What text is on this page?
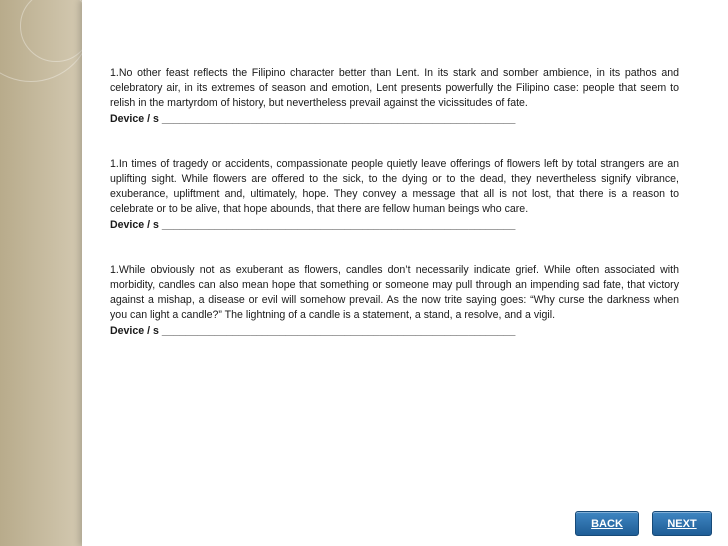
1.No other feast reflects the Filipino character better than Lent. In its stark and somber ambience, in its pathos and celebratory air, in its extremes of season and emotion, Lent presents powerfully the Filipino case: people that seem to relish in the martyrdom of history, but nevertheless prevail against the vicissitudes of fate.

Device / s ____________________________________________________________

1.In times of tragedy or accidents, compassionate people quietly leave offerings of flowers left by total strangers are an uplifting sight. While flowers are offered to the sick, to the dying or to the dead, they nevertheless signify vibrance, exuberance, upliftment and, ultimately, hope. They convey a message that all is not lost, that there is a reason to celebrate or to be alive, that hope abounds, that there are fellow human beings who care.

Device / s ____________________________________________________________

1.While obviously not as exuberant as flowers, candles don’t necessarily indicate grief. While often associated with morbidity, candles can also mean hope that something or someone may pull through an impending sad fate, that victory against a mishap, a disease or evil will somehow prevail. As the now trite saying goes: “Why curse the darkness when you can light a candle?” The lightning of a candle is a statement, a stand, a resolve, and a vigil.

Device / s ____________________________________________________________

BACK	NEXT
